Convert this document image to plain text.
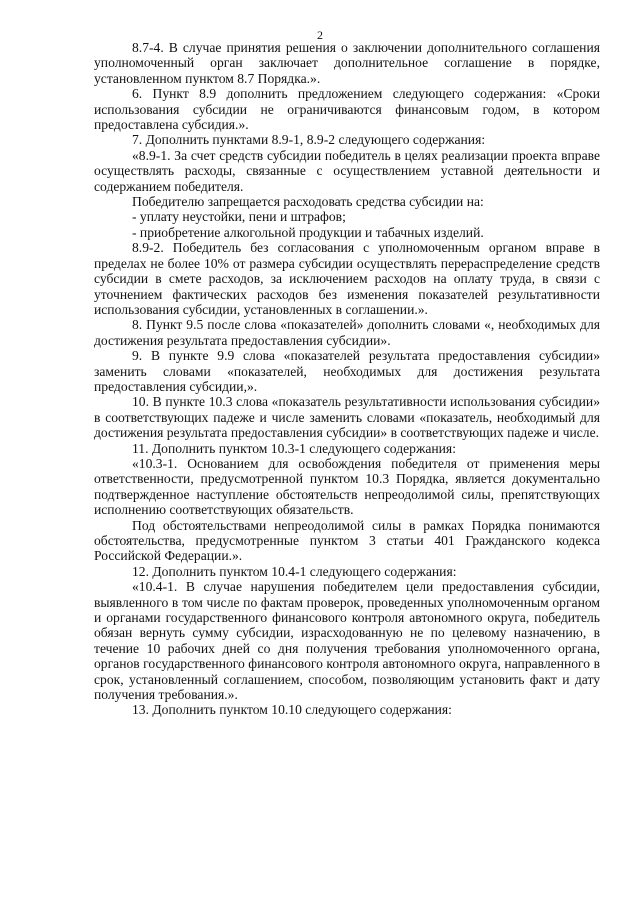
2

8.7-4. В случае принятия решения о заключении дополнительного соглашения уполномоченный орган заключает дополнительное соглашение в порядке, установленном пунктом 8.7 Порядка.».

6. Пункт 8.9 дополнить предложением следующего содержания: «Сроки использования субсидии не ограничиваются финансовым годом, в котором предоставлена субсидия.».

7. Дополнить пунктами 8.9-1, 8.9-2 следующего содержания:

«8.9-1. За счет средств субсидии победитель в целях реализации проекта вправе осуществлять расходы, связанные с осуществлением уставной деятельности и содержанием победителя.

Победителю запрещается расходовать средства субсидии на:

- уплату неустойки, пени и штрафов;

- приобретение алкогольной продукции и табачных изделий.

8.9-2. Победитель без согласования с уполномоченным органом вправе в пределах не более 10% от размера субсидии осуществлять перераспределение средств субсидии в смете расходов, за исключением расходов на оплату труда, в связи с уточнением фактических расходов без изменения показателей результативности использования субсидии, установленных в соглашении.».

8. Пункт 9.5 после слова «показателей» дополнить словами «, необходимых для достижения результата предоставления субсидии».

9. В пункте 9.9 слова «показателей результата предоставления субсидии» заменить словами «показателей, необходимых для достижения результата предоставления субсидии,».

10. В пункте 10.3 слова «показатель результативности использования субсидии» в соответствующих падеже и числе заменить словами «показатель, необходимый для достижения результата предоставления субсидии» в соответствующих падеже и числе.

11. Дополнить пунктом 10.3-1 следующего содержания:

«10.3-1. Основанием для освобождения победителя от применения меры ответственности, предусмотренной пунктом 10.3 Порядка, является документально подтвержденное наступление обстоятельств непреодолимой силы, препятствующих исполнению соответствующих обязательств.

Под обстоятельствами непреодолимой силы в рамках Порядка понимаются обстоятельства, предусмотренные пунктом 3 статьи 401 Гражданского кодекса Российской Федерации.».

12. Дополнить пунктом 10.4-1 следующего содержания:

«10.4-1. В случае нарушения победителем цели предоставления субсидии, выявленного в том числе по фактам проверок, проведенных уполномоченным органом и органами государственного финансового контроля автономного округа, победитель обязан вернуть сумму субсидии, израсходованную не по целевому назначению, в течение 10 рабочих дней со дня получения требования уполномоченного органа, органов государственного финансового контроля автономного округа, направленного в срок, установленный соглашением, способом, позволяющим установить факт и дату получения требования.».

13. Дополнить пунктом 10.10 следующего содержания:
